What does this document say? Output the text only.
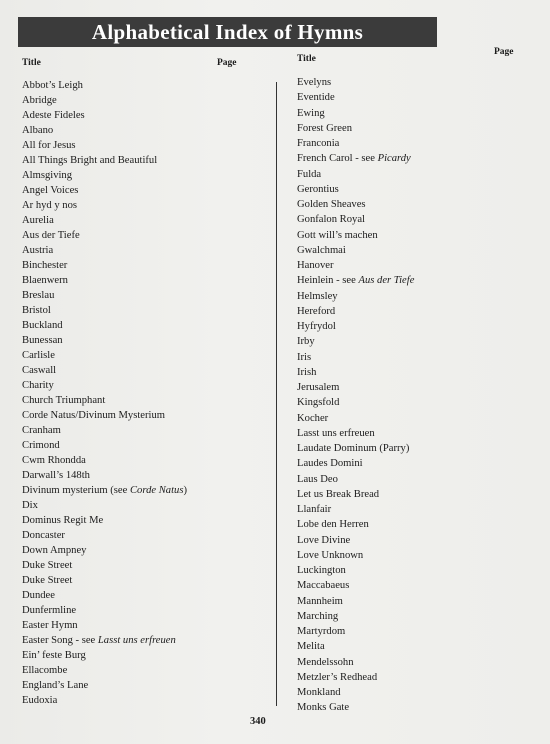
Alphabetical Index of Hymns
Title	Page	Title
Page
Abbot’s Leigh
Abridge
Adeste Fideles
Albano
All for Jesus
All Things Bright and Beautiful
Almsgiving
Angel Voices
Ar hyd y nos
Aurelia
Aus der Tiefe
Austria
Binchester
Blaenwern
Breslau
Bristol
Buckland
Bunessan
Carlisle
Caswall
Charity
Church Triumphant
Corde Natus/Divinum Mysterium
Cranham
Crimond
Cwm Rhondda
Darwall’s 148th
Divinum mysterium (see Corde Natus)
Dix
Dominus Regit Me
Doncaster
Down Ampney
Duke Street
Duke Street
Dundee
Dunfermline
Easter Hymn
Easter Song - see Lasst uns erfreuen
Ein’ feste Burg
Ellacombe
England’s Lane
Eudoxia
Evelyns
Eventide
Ewing
Forest Green
Franconia
French Carol - see Picardy
Fulda
Gerontius
Golden Sheaves
Gonfalon Royal
Gott will’s machen
Gwalchmai
Hanover
Heinlein - see Aus der Tiefe
Helmsley
Hereford
Hyfrydol
Irby
Iris
Irish
Jerusalem
Kingsfold
Kocher
Lasst uns erfreuen
Laudate Dominum (Parry)
Laudes Domini
Laus Deo
Let us Break Bread
Llanfair
Lobe den Herren
Love Divine
Love Unknown
Luckington
Maccabaeus
Mannheim
Marching
Martyrdom
Melita
Mendelssohn
Metzler’s Redhead
Monkland
Monks Gate
340
